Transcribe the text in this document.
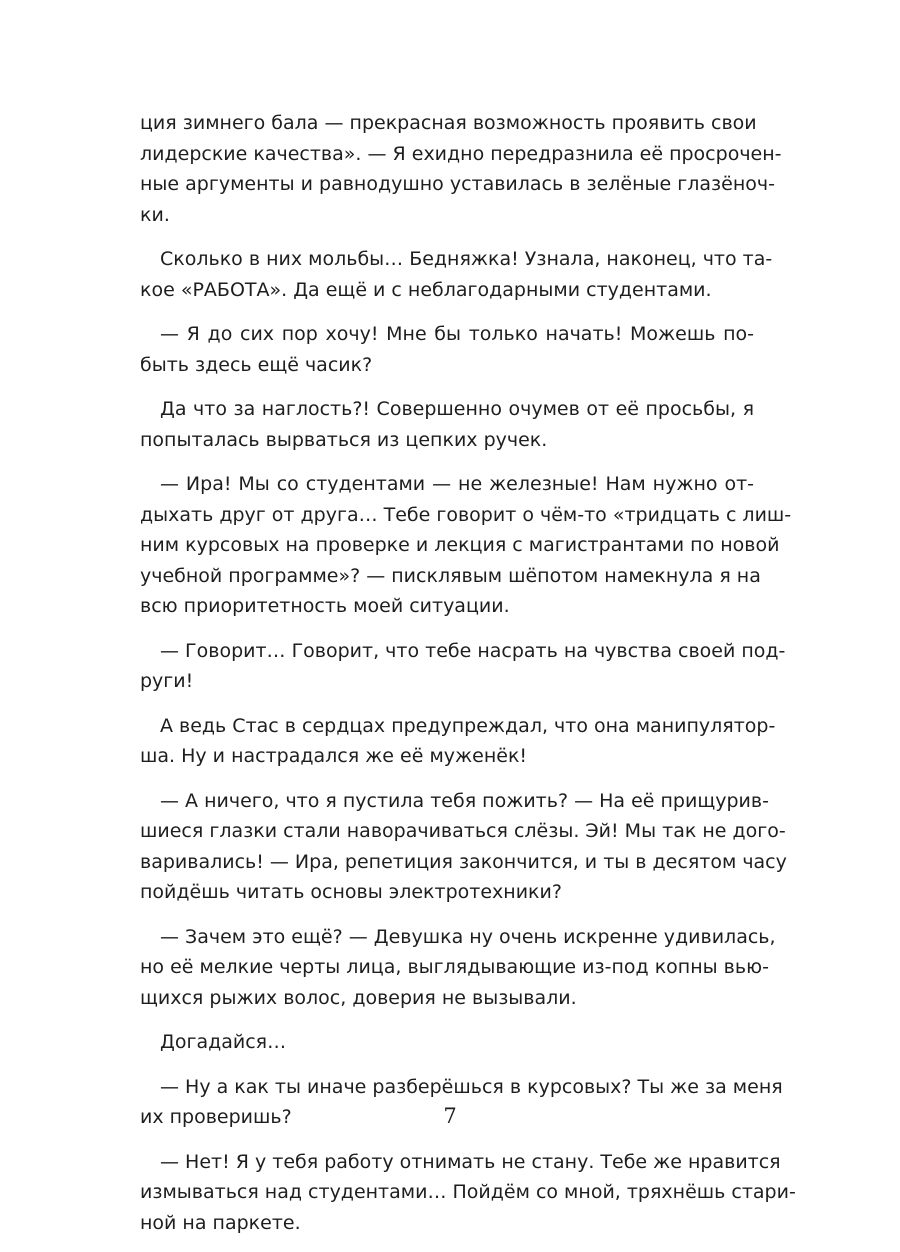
ция зимнего бала — прекрасная возможность проявить свои
лидерские качества». — Я ехидно передразнила её просрочен-
ные аргументы и равнодушно уставилась в зелёные глазёноч-
ки.
Сколько в них мольбы… Бедняжка! Узнала, наконец, что та-
кое «РАБОТА». Да ещё и с неблагодарными студентами.
— Я до сих пор хочу! Мне бы только начать! Можешь по-
быть здесь ещё часик?
Да что за наглость?! Совершенно очумев от её просьбы, я
попыталась вырваться из цепких ручек.
— Ира! Мы со студентами — не железные! Нам нужно от-
дыхать друг от друга… Тебе говорит о чём-то «тридцать с лиш-
ним курсовых на проверке и лекция с магистрантами по новой
учебной программе»? — писклявым шёпотом намекнула я на
всю приоритетность моей ситуации.
— Говорит… Говорит, что тебе насрать на чувства своей под-
руги!
А ведь Стас в сердцах предупреждал, что она манипулятор-
ша. Ну и настрадался же её муженёк!
— А ничего, что я пустила тебя пожить? — На её прищурив-
шиеся глазки стали наворачиваться слёзы. Эй! Мы так не дого-
варивались! — Ира, репетиция закончится, и ты в десятом часу
пойдёшь читать основы электротехники?
— Зачем это ещё? — Девушка ну очень искренне удивилась,
но её мелкие черты лица, выглядывающие из-под копны вью-
щихся рыжих волос, доверия не вызывали.
Догадайся…
— Ну а как ты иначе разберёшься в курсовых? Ты же за меня
их проверишь?
— Нет! Я у тебя работу отнимать не стану. Тебе же нравится
измываться над студентами… Пойдём со мной, тряхнёшь стари-
ной на паркете.
7
